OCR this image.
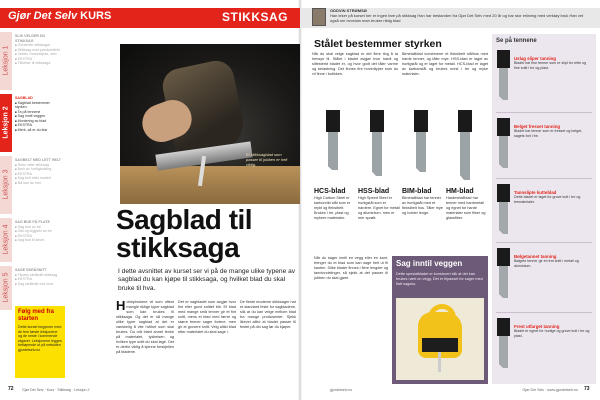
Gjør Det Selv KURS	STIKKSAG
Leksjon 1
SLIK VELGER DU STIKKSAG
■ Generelle stikksager
■ Stikksag med penduleffekt
■ Vekter, motorstyrke, selv
■ EKSTRA
■ Tilbehør til stikksaga
Leksjon 2
SAGBLAD
■ Sagblad bestemmer styrken
■ Ta på tennene
■ Sag inntil veggen
■ Montering av blad
■ EKSTRA
■ Merk, så er du klar
Leksjon 3
SAGBELT MED LETT HELT
■ Retur etter stikksag
■ Bruk av hurtigkobling
■ EKSTRA
■ Sag belt etter modell
■ Nå kan du mer
Leksjon 4
SAG BUE PÅ PLATE
■ Sag bue av tre
■ Sikt og leggsikt av tre
■ EKSTRA
■ Sag bue til sirkel
Leksjon 5
SAGE SKRÅSNITT
■ Tilpass skråsnitt stikksag
■ EKSTRA
■ Sag skråsnitt ved nest
Følg med fra starten
Dette kurset begynner med de fem første leksjonene og de neste i kommende utgaver. Leksjonene legges fortløpende ut på nettsiden gjordetselv.no
Et stikksagblad som passer til jobben er helt viktig.
Sagblad til stikksaga
I dette avsnittet av kurset ser vi på de mange ulike typene av sagblad du kan kjøpe til stikksaga, og hvilket blad du skal bruke til hva.
Hobbybrukere vil som oftest mangle riktige typer sagblad som kan brukes til stikksaga. Og det er så mange ulike typer sagblad at det er vanskelig å vite hvilket som skal brukes. Du må blant annet tenke på materialet, tykkelsen og hvilken type snitt du skal lage. Det er derfor viktig å kjenne forskjellen på bladene.
Det er sagbladet som avgjør hvor fint eller grovt snittet blir. Et blad med mange små tenner gir et fint snitt, mens et blad med færre og større tenner sager fortere, men gir et grovere snitt. Velg alltid blad etter materialet du skal sage i.
De fleste moderne stikksager har et standard feste for sagbladene, slik at du kan velge mellom blad fra mange produsenter. Sjekk likevel alltid at bladet passer til festet på din sag før du kjøper.
ODDVIN STRØMSØ
Han leker på kurset her er ingen fare på stikksag Han har bestanden fra Gjør Det Selv med 20 år og har stor erfaring med verktøy bruk Han vet også om hvordan man bruker riktig blad
Stålet bestemmer styrken
Når du skal velge sagblad er det flere ting å ta hensyn til. Stålet i bladet avgjør hvor hardt og slitesterkt bladet er, og hvor godt det tåler varme og belastning. Det finnes fire hovedtyper som du vil finne i butikken.
Bimetallblad kombinerer et fleksibelt stålhus med harde tenner, og tåler mye. HSS-blad er laget av hurtigstål og er laget for metall. HCS-blad er laget av karbonstål og brukes mest i tre og myke materialer.
HCS-blad
High Carbon Steel er karbonrikt stål som er mykt og fleksibelt. Brukes i tre, plast og mykere materialer.
HSS-blad
High Speed Steel er hurtigstål som er hardere. Egnet for metall og aluminium, men er mer sprøtt.
BIM-blad
Bimetallblad har tenner av hurtigstål med et fleksibelt hus. Tåler mye og holder lenge.
HM-blad
Hardmetallblad har tenner med hardmetall og egnet for harde materialer som fliser og glassfiber.
Når du sager inntil en vegg eller en kant, trenger du et blad som kan sage helt ut til kanten. Slike blader finnes i flere lengder og tanninndelinger, så sjekk at det passer til jobben du skal gjøre.
Sag inntil veggen
Dette spesialbladet er konstruert slik at det kan brukes nært en vegg. Det er tilpasset for sager med flatt sagsko.
Se på tennene
Uslag sliper tanning
Bladet har fine tenner som er slipt for rette og fine snitt i tre og plast.
Belget fresset tanning
Bladet har tenner som er fresset og belget, sagets fort i tre.
Tannslipte kutteblad
Dette bladet er laget for grove kutt i tre og trematerialer.
Bølgetannet tanning
Bølgete tenner gir et rent snitt i metall og aluminium.
Frest utfarget tanning
Bladet er egnet for hurtige og grove kutt i tre og plast.
72	Gjør Det Selv · Kurs · Stikksag · Leksjon 2	gjordetselv.no	Gjør Det Selv · www.gjordetselv.no	73
